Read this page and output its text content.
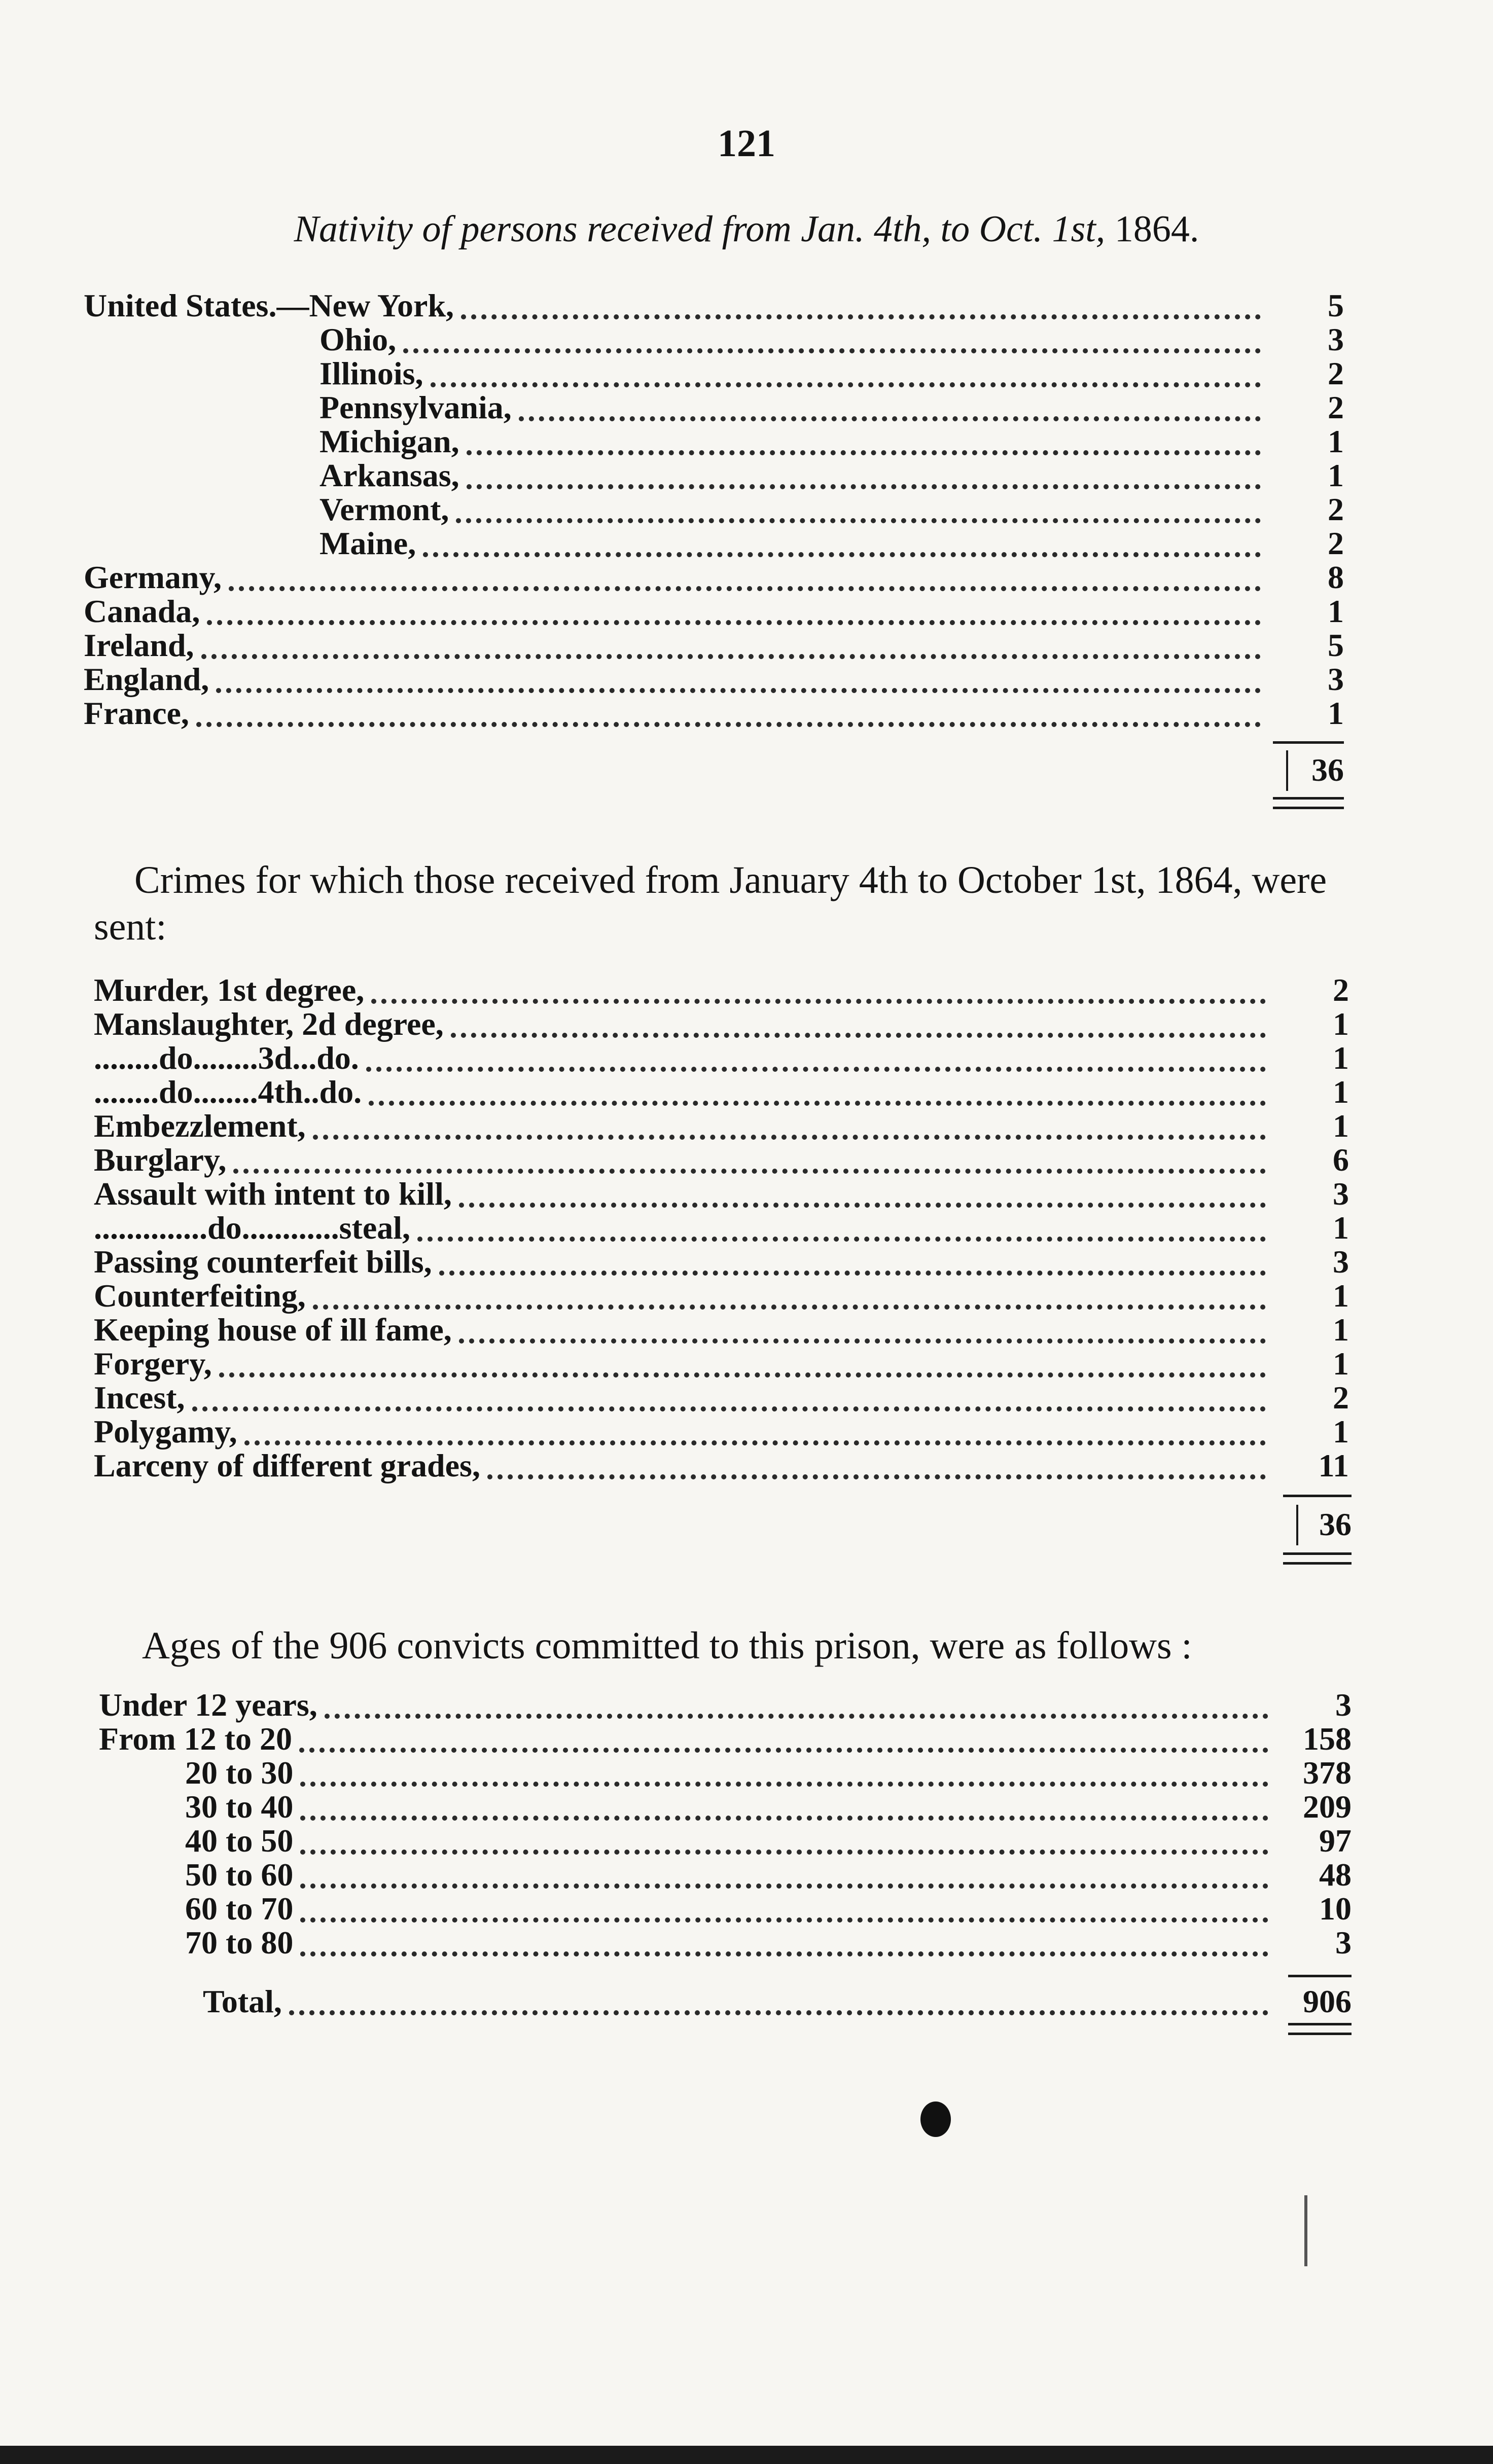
121
Nativity of persons received from Jan. 4th, to Oct. 1st, 1864.
United States.—New York,	5
Ohio,	3
Illinois,	2
Pennsylvania,	2
Michigan,	1
Arkansas,	1
Vermont,	2
Maine,	2
Germany,	8
Canada,	1
Ireland,	5
England,	3
France,	1
36
Crimes for which those received from January 4th to October 1st, 1864, were sent:
Murder, 1st degree,	2
Manslaughter, 2d degree,	1
........do........3d...do.	1
........do........4th..do.	1
Embezzlement,	1
Burglary,	6
Assault with intent to kill,	3
..............do............steal,	1
Passing counterfeit bills,	3
Counterfeiting,	1
Keeping house of ill fame,	1
Forgery,	1
Incest,	2
Polygamy,	1
Larceny of different grades,	11
36
Ages of the 906 convicts committed to this prison, were as follows :
Under 12 years,	3
From 12 to 20	158
20 to 30	378
30 to 40	209
40 to 50	97
50 to 60	48
60 to 70	10
70 to 80	3
Total,	906
